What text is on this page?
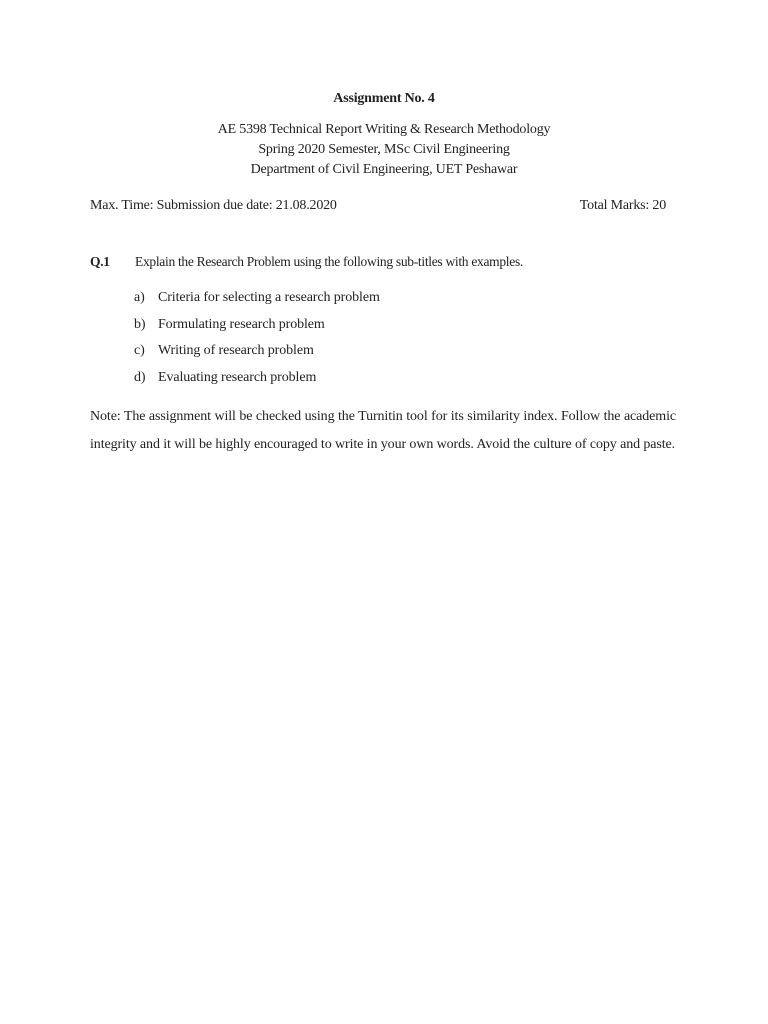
Assignment No. 4
AE 5398 Technical Report Writing & Research Methodology
Spring 2020 Semester, MSc Civil Engineering
Department of Civil Engineering, UET Peshawar
Max. Time: Submission due date: 21.08.2020	Total Marks: 20
Q.1 Explain the Research Problem using the following sub-titles with examples.
a) Criteria for selecting a research problem
b) Formulating research problem
c) Writing of research problem
d) Evaluating research problem
Note: The assignment will be checked using the Turnitin tool for its similarity index. Follow the academic integrity and it will be highly encouraged to write in your own words. Avoid the culture of copy and paste.
